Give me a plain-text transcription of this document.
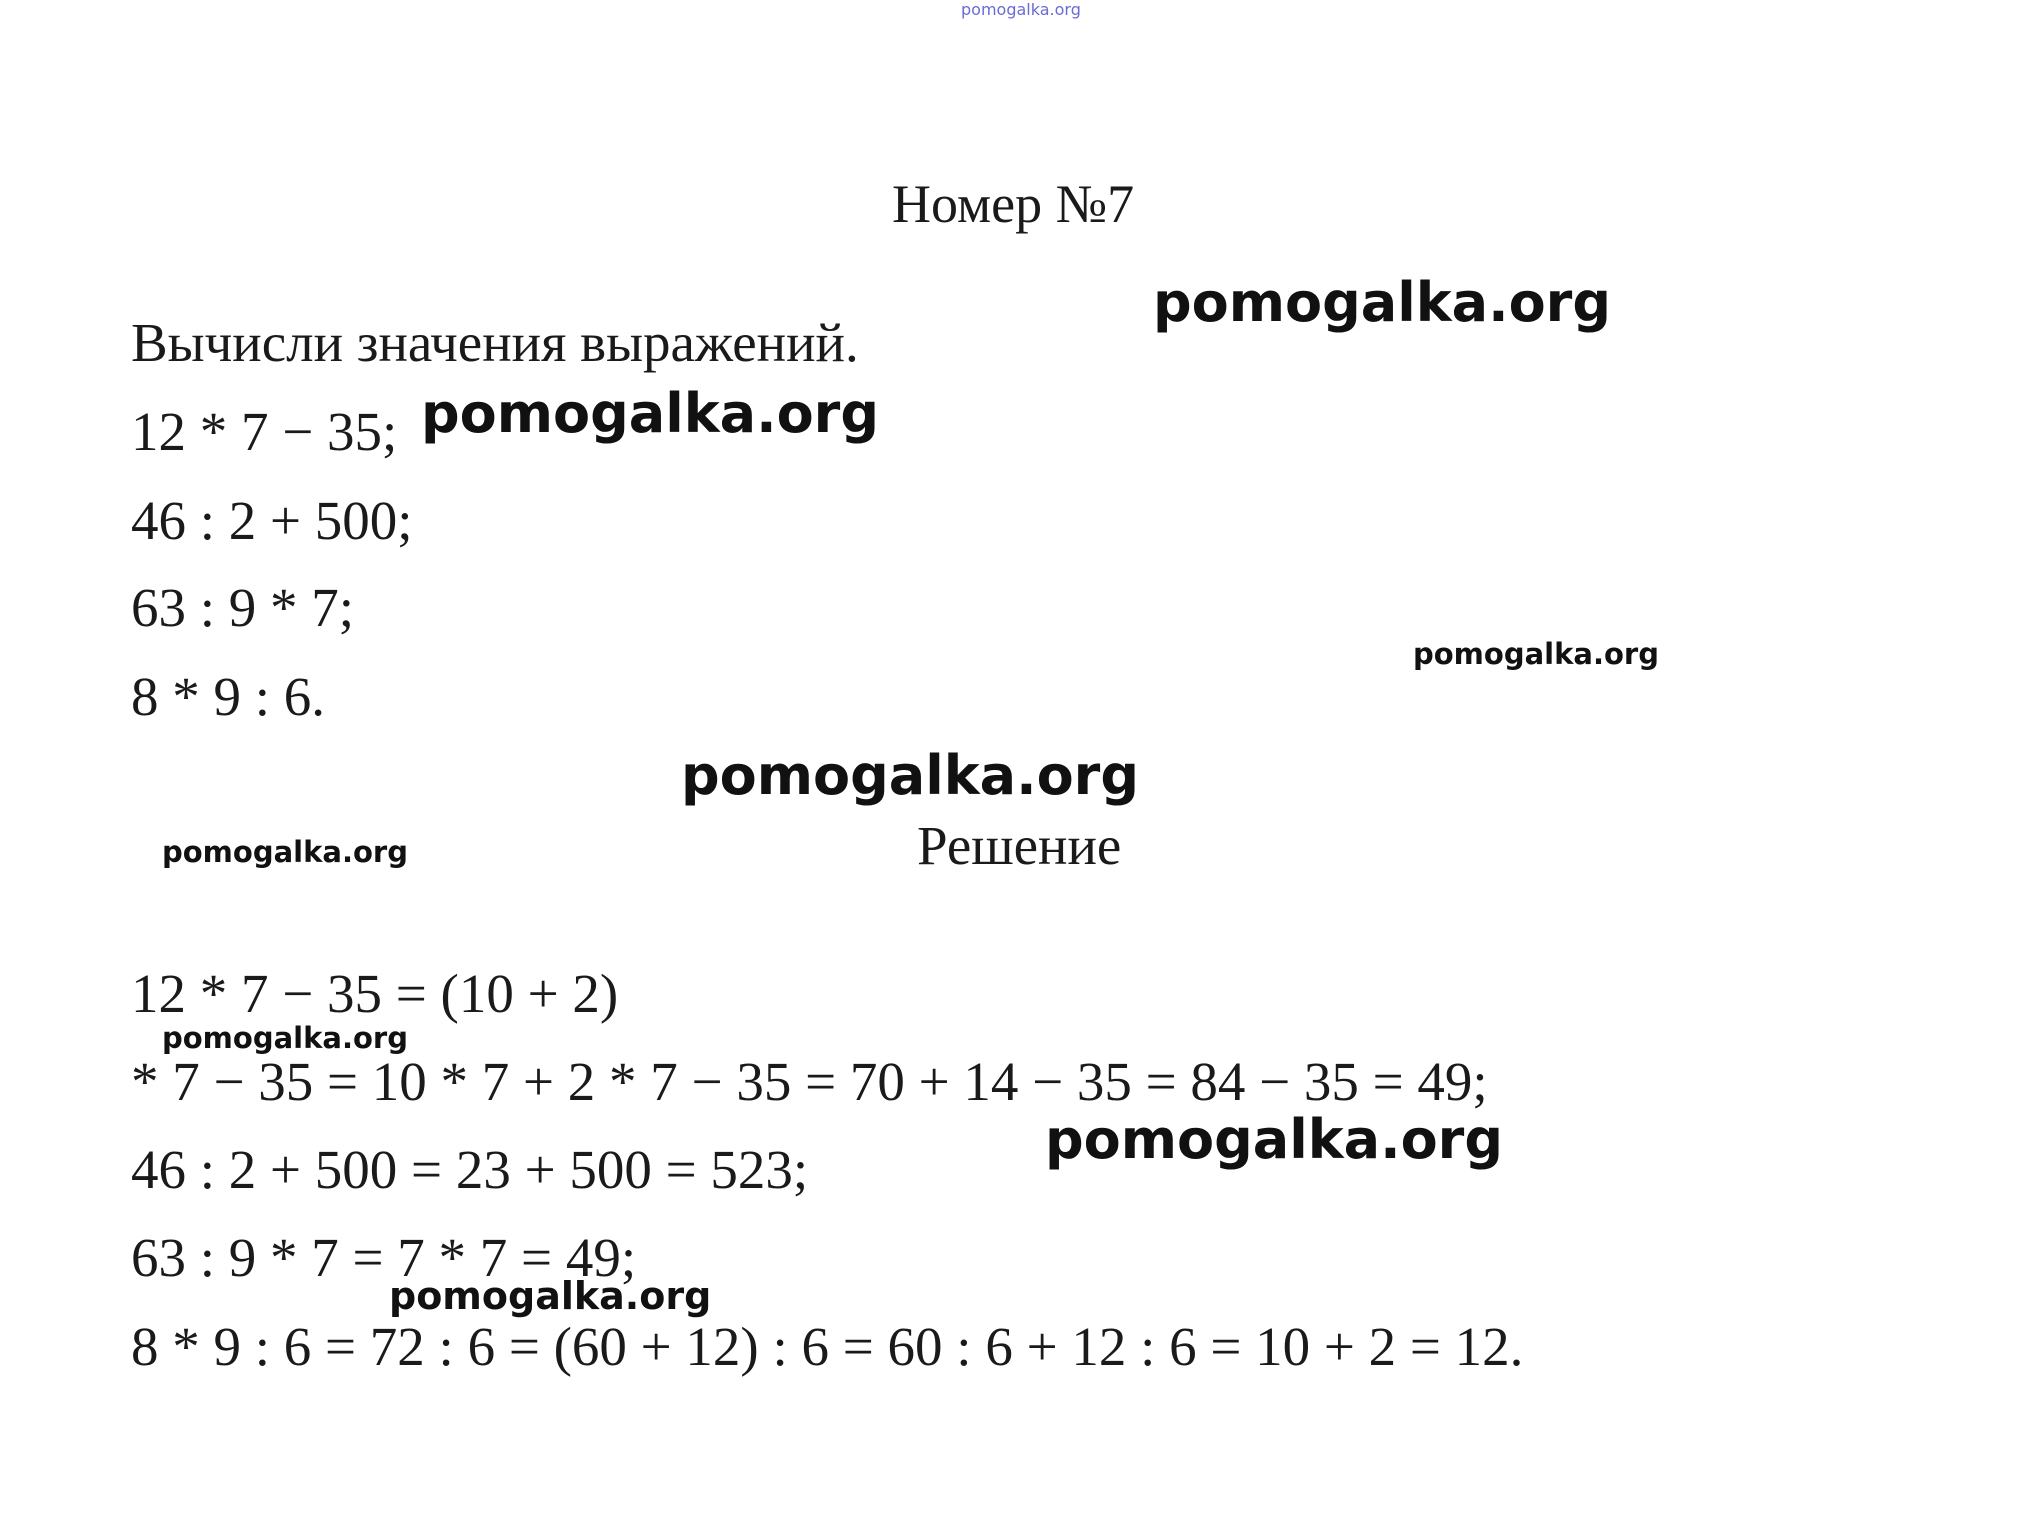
pomogalka.org
Номер №7
Вычисли значения выражений.
12 * 7 − 35;
46 : 2 + 500;
63 : 9 * 7;
8 * 9 : 6.
Решение
12 * 7 − 35 = (10 + 2)
* 7 − 35 = 10 * 7 + 2 * 7 − 35 = 70 + 14 − 35 = 84 − 35 = 49;
46 : 2 + 500 = 23 + 500 = 523;
63 : 9 * 7 = 7 * 7 = 49;
8 * 9 : 6 = 72 : 6 = (60 + 12) : 6 = 60 : 6 + 12 : 6 = 10 + 2 = 12.
pomogalka.org
pomogalka.org
pomogalka.org
pomogalka.org
pomogalka.org
pomogalka.org
pomogalka.org
pomogalka.org
